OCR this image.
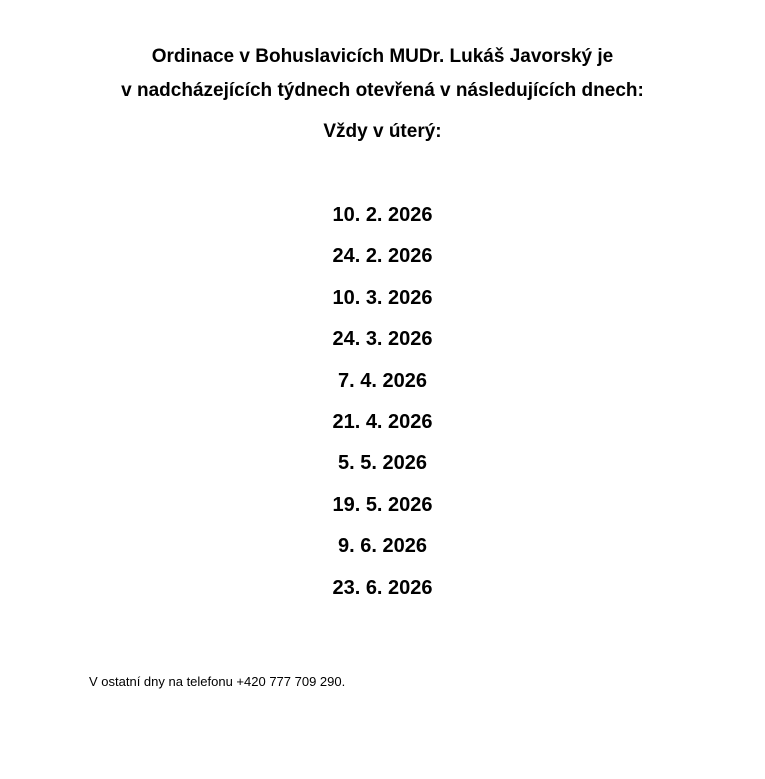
Ordinace v Bohuslavicích MUDr. Lukáš Javorský je
v nadcházejících týdnech otevřená v následujících dnech:
Vždy v úterý:
10. 2. 2026
24. 2. 2026
10. 3. 2026
24. 3. 2026
7. 4. 2026
21. 4. 2026
5. 5. 2026
19. 5. 2026
9. 6. 2026
23. 6. 2026
V ostatní dny na telefonu +420 777 709 290.
